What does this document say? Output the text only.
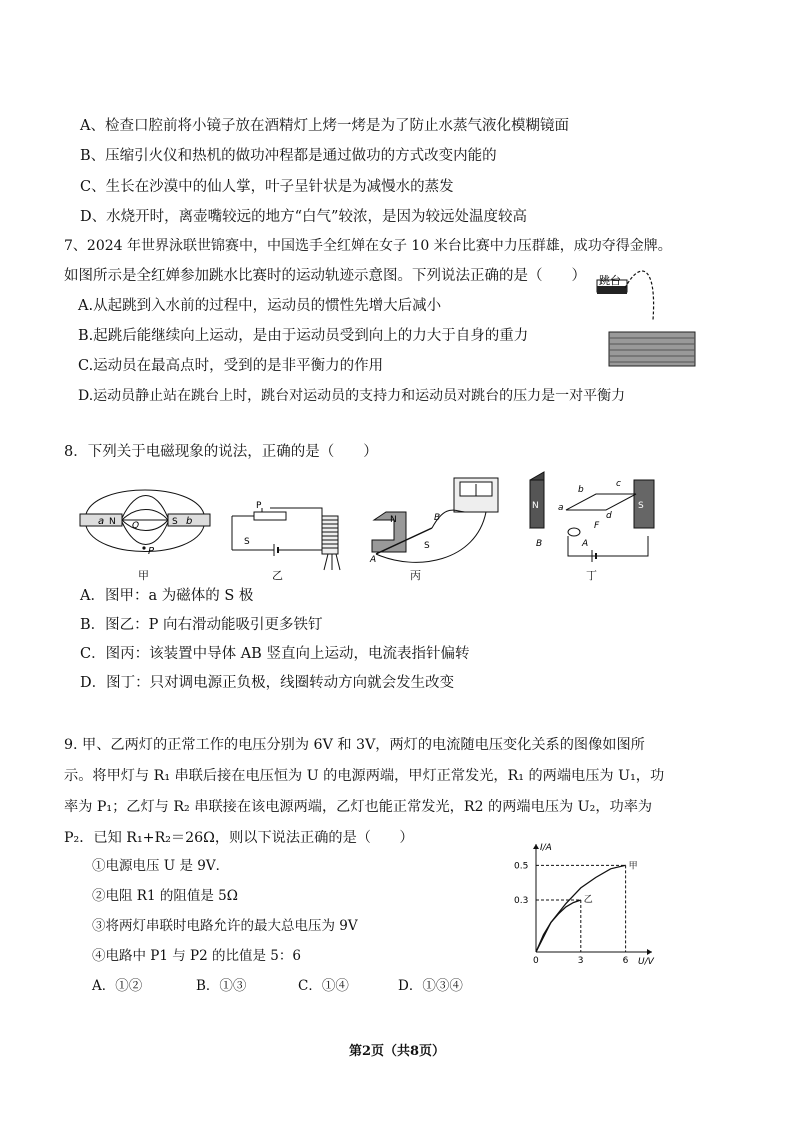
A、检查口腔前将小镜子放在酒精灯上烤一烤是为了防止水蒸气液化模糊镜面
B、压缩引火仪和热机的做功冲程都是通过做功的方式改变内能的
C、生长在沙漠中的仙人掌，叶子呈针状是为减慢水的蒸发
D、水烧开时，离壶嘴较远的地方“白气”较浓，是因为较远处温度较高
7、2024 年世界泳联世锦赛中，中国选手全红婵在女子 10 米台比赛中力压群雄，成功夺得金牌。
如图所示是全红婵参加跳水比赛时的运动轨迹示意图。下列说法正确的是（　　）
A.从起跳到入水前的过程中，运动员的惯性先增大后减小
B.起跳后能继续向上运动，是由于运动员受到向上的力大于自身的重力
C.运动员在最高点时，受到的是非平衡力的作用
D.运动员静止站在跳台上时，跳台对运动员的支持力和运动员对跳台的压力是一对平衡力
跳台
8．下列关于电磁现象的说法，正确的是（　　）
a N Q	S b
P
甲
P
S
乙
N
S
A
B
丙
N	S
b
c
a
d
F
B	A
丁
A．图甲：a 为磁体的 S 极
B．图乙：P 向右滑动能吸引更多铁钉
C．图丙：该装置中导体 AB 竖直向上运动，电流表指针偏转
D．图丁：只对调电源正负极，线圈转动方向就会发生改变
9. 甲、乙两灯的正常工作的电压分别为 6V 和 3V，两灯的电流随电压变化关系的图像如图所
示。将甲灯与 R₁ 串联后接在电压恒为 U 的电源两端，甲灯正常发光，R₁ 的两端电压为 U₁，功
率为 P₁；乙灯与 R₂ 串联接在该电源两端，乙灯也能正常发光，R2 的两端电压为 U₂，功率为
P₂．已知 R₁+R₂＝26Ω，则以下说法正确的是（　　）
①电源电压 U 是 9V．
②电阻 R1 的阻值是 5Ω
③将两灯串联时电路允许的最大总电压为 9V
④电路中 P1 与 P2 的比值是 5：6
A．①②	B．①③	C．①④	D．①③④
I/A
U/V
0	3	6
0.3
0.5	甲
乙
第2页（共8页）
